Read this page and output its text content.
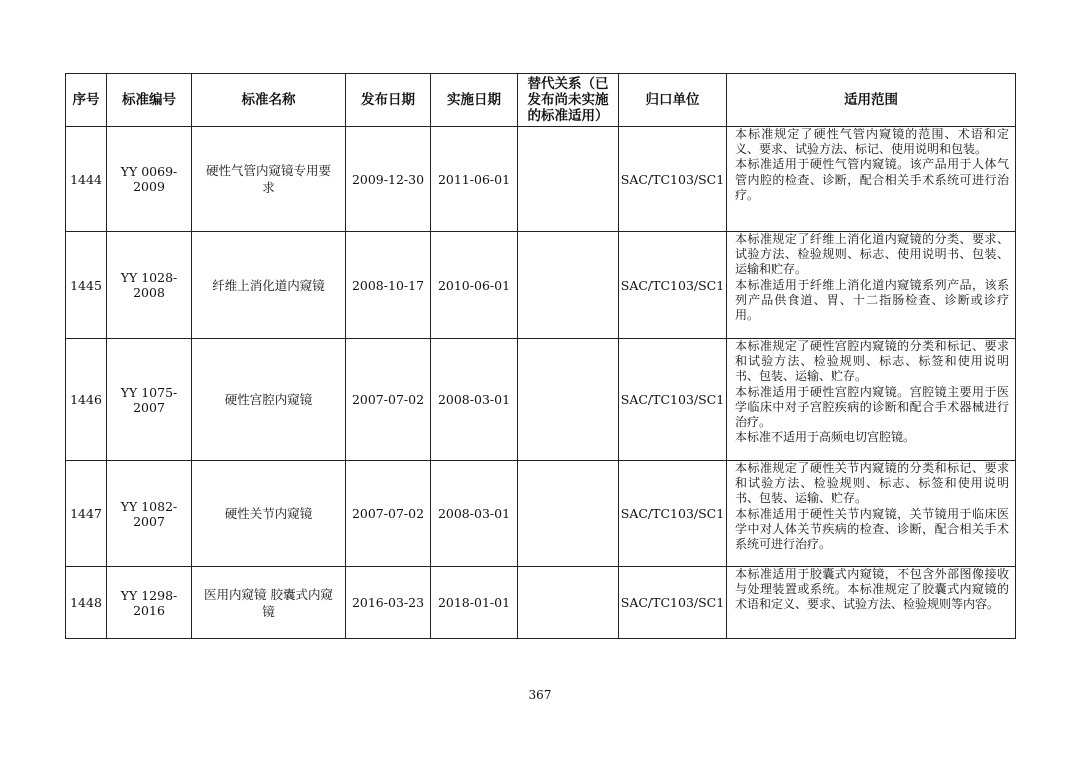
序号	标准编号	标准名称	发布日期	实施日期	替代关系（已发布尚未实施的标准适用）	归口单位	适用范围
1444	YY 0069-2009	硬性气管内窥镜专用要求	2009-12-30	2011-06-01		SAC/TC103/SC1	本标准规定了硬性气管内窥镜的范围、术语和定义、要求、试验方法、标记、使用说明和包装。

本标准适用于硬性气管内窥镜。该产品用于人体气管内腔的检查、诊断，配合相关手术系统可进行治疗。

1445	YY 1028-2008	纤维上消化道内窥镜	2008-10-17	2010-06-01		SAC/TC103/SC1	本标准规定了纤维上消化道内窥镜的分类、要求、试验方法、检验规则、标志、使用说明书、包装、运输和贮存。

本标准适用于纤维上消化道内窥镜系列产品，该系列产品供食道、胃、十二指肠检查、诊断或诊疗用。

1446	YY 1075-2007	硬性宫腔内窥镜	2007-07-02	2008-03-01		SAC/TC103/SC1	本标准规定了硬性宫腔内窥镜的分类和标记、要求和试验方法、检验规则、标志、标签和使用说明书、包装、运输、贮存。

本标准适用于硬性宫腔内窥镜。宫腔镜主要用于医学临床中对子宫腔疾病的诊断和配合手术器械进行治疗。

本标准不适用于高频电切宫腔镜。

1447	YY 1082-2007	硬性关节内窥镜	2007-07-02	2008-03-01		SAC/TC103/SC1	本标准规定了硬性关节内窥镜的分类和标记、要求和试验方法、检验规则、标志、标签和使用说明书、包装、运输、贮存。

本标准适用于硬性关节内窥镜，关节镜用于临床医学中对人体关节疾病的检查、诊断，配合相关手术系统可进行治疗。

1448	YY 1298-2016	医用内窥镜 胶囊式内窥镜	2016-03-23	2018-01-01		SAC/TC103/SC1	本标准适用于胶囊式内窥镜，不包含外部图像接收与处理装置或系统。本标准规定了胶囊式内窥镜的术语和定义、要求、试验方法、检验规则等内容。

367
